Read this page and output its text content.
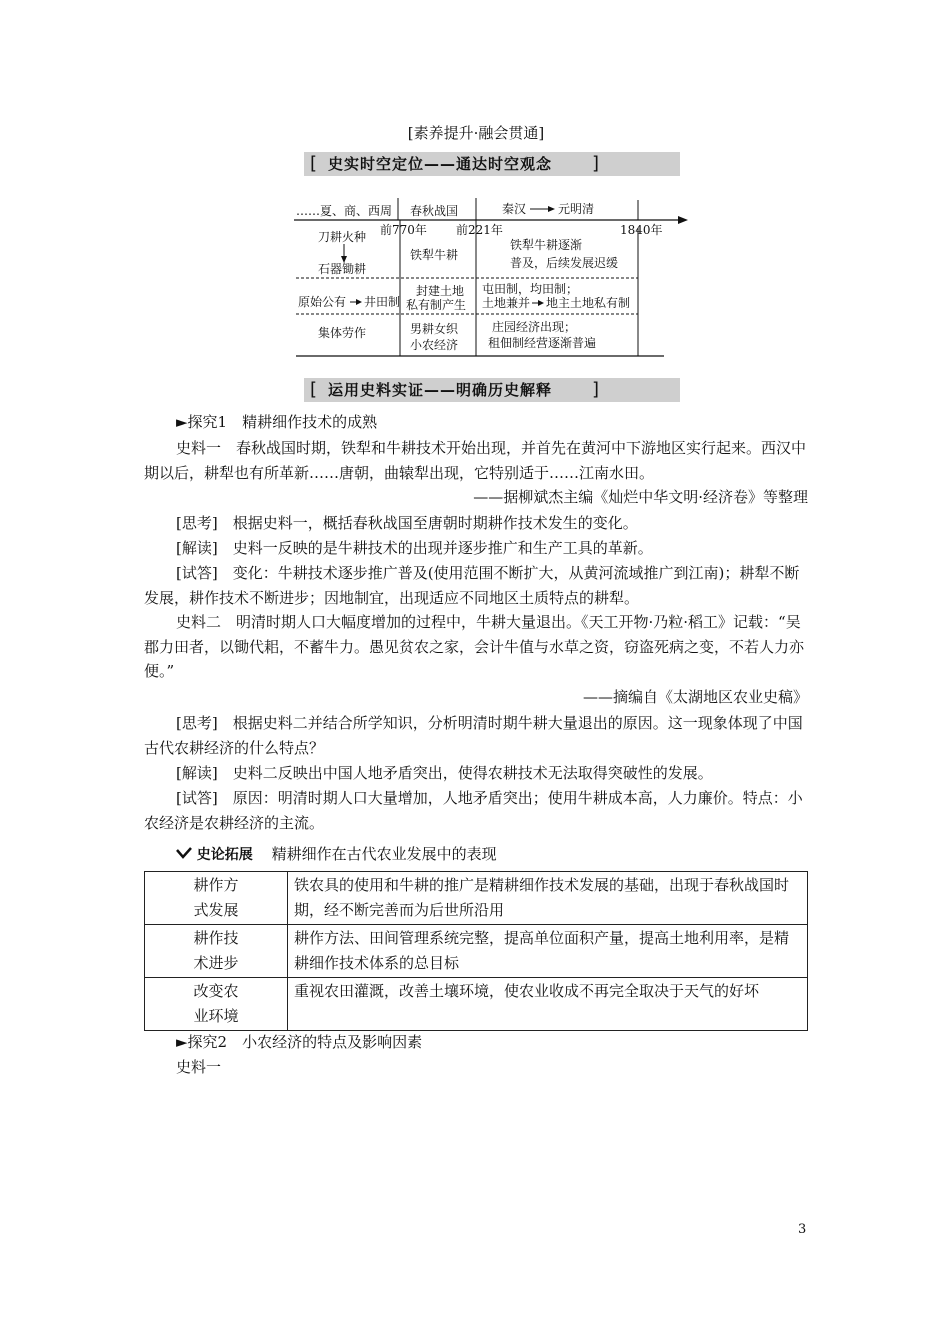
[素养提升·融会贯通]
[ 史实时空定位——通达时空观念 ]
……夏、商、西周 春秋战国	秦汉	元明清
前770年 前221年	1840年
刀耕火种
石器锄耕
铁犁牛耕
铁犁牛耕逐渐
普及，后续发展迟缓
原始公有 井田制
封建土地
私有制产生
屯田制，均田制；
土地兼并 地主土地私有制
集体劳作	男耕女织
小农经济
庄园经济出现；
租佃制经营逐渐普遍
[ 运用史料实证——明确历史解释 ]
►探究1　精耕细作技术的成熟
史料一　春秋战国时期，铁犁和牛耕技术开始出现，并首先在黄河中下游地区实行起来。西汉中期以后，耕犁也有所革新……唐朝，曲辕犁出现，它特别适于……江南水田。
——据柳斌杰主编《灿烂中华文明·经济卷》等整理
[思考]　根据史料一，概括春秋战国至唐朝时期耕作技术发生的变化。
[解读]　史料一反映的是牛耕技术的出现并逐步推广和生产工具的革新。
[试答]　变化：牛耕技术逐步推广普及(使用范围不断扩大，从黄河流域推广到江南)；耕犁不断发展，耕作技术不断进步；因地制宜，出现适应不同地区土质特点的耕犁。
史料二　明清时期人口大幅度增加的过程中，牛耕大量退出。《天工开物·乃粒·稻工》记载：“吴郡力田者，以锄代耜，不蓄牛力。愚见贫农之家，会计牛值与水草之资，窃盗死病之变，不若人力亦便。”
——摘编自《太湖地区农业史稿》
[思考]　根据史料二并结合所学知识，分析明清时期牛耕大量退出的原因。这一现象体现了中国古代农耕经济的什么特点？
[解读]　史料二反映出中国人地矛盾突出，使得农耕技术无法取得突破性的发展。
[试答]　原因：明清时期人口大量增加，人地矛盾突出；使用牛耕成本高，人力廉价。特点：小农经济是农耕经济的主流。
史论拓展 精耕细作在古代农业发展中的表现
耕作方
式发展	铁农具的使用和牛耕的推广是精耕细作技术发展的基础，出现于春秋战国时期，经不断完善而为后世所沿用
耕作技
术进步	耕作方法、田间管理系统完整，提高单位面积产量，提高土地利用率，是精耕细作技术体系的总目标
改变农
业环境	重视农田灌溉，改善土壤环境，使农业收成不再完全取决于天气的好坏
►探究2　小农经济的特点及影响因素
史料一
3
